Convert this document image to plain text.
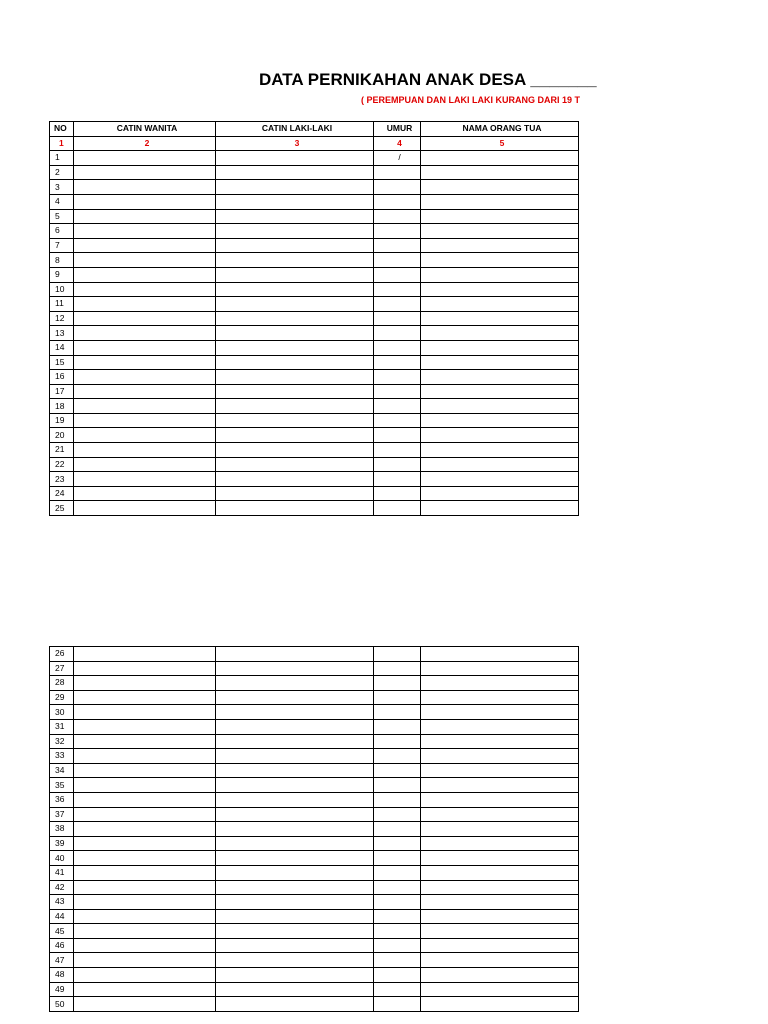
DATA PERNIKAHAN ANAK DESA _______
( PEREMPUAN DAN LAKI LAKI KURANG DARI 19 T
NO	CATIN WANITA	CATIN LAKI-LAKI	UMUR	NAMA ORANG TUA
1	2	3	4	5
1			/	
2				
3				
4				
5				
6				
7				
8				
9				
10				
11				
12				
13				
14				
15				
16				
17				
18				
19				
20				
21				
22				
23				
24				
25				
26				
27				
28				
29				
30				
31				
32				
33				
34				
35				
36				
37				
38				
39				
40				
41				
42				
43				
44				
45				
46				
47				
48				
49				
50				
